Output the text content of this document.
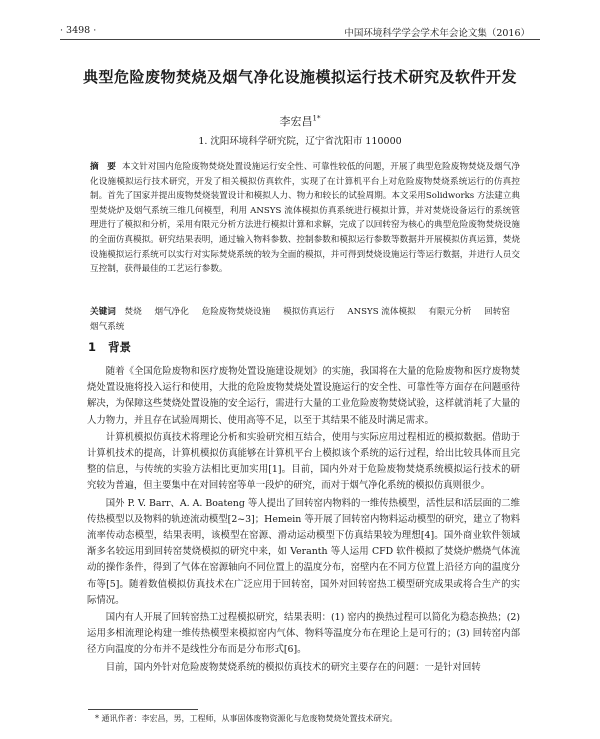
· 3498 ·	中国环境科学学会学术年会论文集（2016）
典型危险废物焚烧及烟气净化设施模拟运行技术研究及软件开发
李宏昌$^{1*}$
1. 沈阳环境科学研究院，辽宁省沈阳市 110000
摘　要 本文针对国内危险废物焚烧处置设施运行安全性、可靠性较低的问题，开展了典型危险废物焚烧及烟气净化设施模拟运行技术研究，开发了相关模拟仿真软件，实现了在计算机平台上对危险废物焚烧系统运行的仿真控制。首先了国家并提出废物焚烧装置设计和模拟人力、物力和较长的试验周期。本文采用Solidworks 方法建立典型焚烧炉及烟气系统三维几何模型，利用 ANSYS 流体模拟仿真系统进行模拟计算，并对焚烧设备运行的系统管理进行了模拟和分析，采用有限元分析方法进行模拟计算和求解，完成了以回转窑为核心的典型危险废物焚烧设施的全面仿真模拟。研究结果表明，通过输入物料参数、控制参数和模拟运行参数等数据并开展模拟仿真运算，焚烧设施模拟运行系统可以实行对实际焚烧系统的较为全面的模拟，并可得到焚烧设施运行等运行数据，并进行人员交互控制，获得最佳的工艺运行参数。
关键词 焚烧 烟气净化 危险废物焚烧设施 模拟仿真运行 ANSYS 流体模拟 有限元分析 回转窑 烟气系统
1 背景

随着《全国危险废物和医疗废物处置设施建设规划》的实施，我国将在大量的危险废物和医疗废物焚烧处置设施将投入运行和使用，大批的危险废物焚烧处置设施运行的安全性、可靠性等方面存在问题亟待解决，为保障这些焚烧处置设施的安全运行，需进行大量的工业危险废物焚烧试验，这样就消耗了大量的人力物力，并且存在试验周期长、使用高等不足，以至于其结果不能及时满足需求。

计算机模拟仿真技术将理论分析和实验研究相互结合，使用与实际应用过程相近的模拟数据。借助于计算机技术的提高，计算机模拟仿真能够在计算机平台上模拟该个系统的运行过程，给出比较具体而且完整的信息，与传统的实验方法相比更加实用[1]。目前，国内外对于危险废物焚烧系统模拟运行技术的研究较为普遍，但主要集中在对回转窑等单一段炉的研究，而对于烟气净化系统的模拟仿真则很少。

国外 P. V. Barr、A. A. Boateng 等人提出了回转窑内物料的一维传热模型，活性层和活层面的二维传热模型以及物料的轨迹流动模型[2~3]；Hemein 等开展了回转窑内物料运动模型的研究，建立了物料流率传动态模型，结果表明，该模型在窑源、滑动运动模型下仿真结果较为理想[4]。国外商业软件领域渐多名较远用到回转窑焚烧模拟的研究中来，如 Veranth 等人运用 CFD 软件模拟了焚烧炉燃烧气体流动的操作条件，得到了气体在窑源轴向不同位置上的温度分布，窑壁内在不同方位置上沿径方向的温度分布等[5]。随着数值模拟仿真技术在广泛应用于回转窑，国外对回转窑热工模型研究成果或将合生产的实际情况。

国内有人开展了回转窑热工过程模拟研究，结果表明：(1) 窑内的换热过程可以简化为稳态换热；(2) 运用多相流理论构建一维传热模型来模拟窑内气体、物料等温度分布在理论上是可行的；(3) 回转窑内部径方向温度的分布并不是线性分布而是分布形式[6]。

目前，国内外针对危险废物焚烧系统的模拟仿真技术的研究主要存在的问题：一是针对回转

* 通讯作者：李宏昌，男，工程师，从事固体废物资源化与危废物焚烧处置技术研究。
